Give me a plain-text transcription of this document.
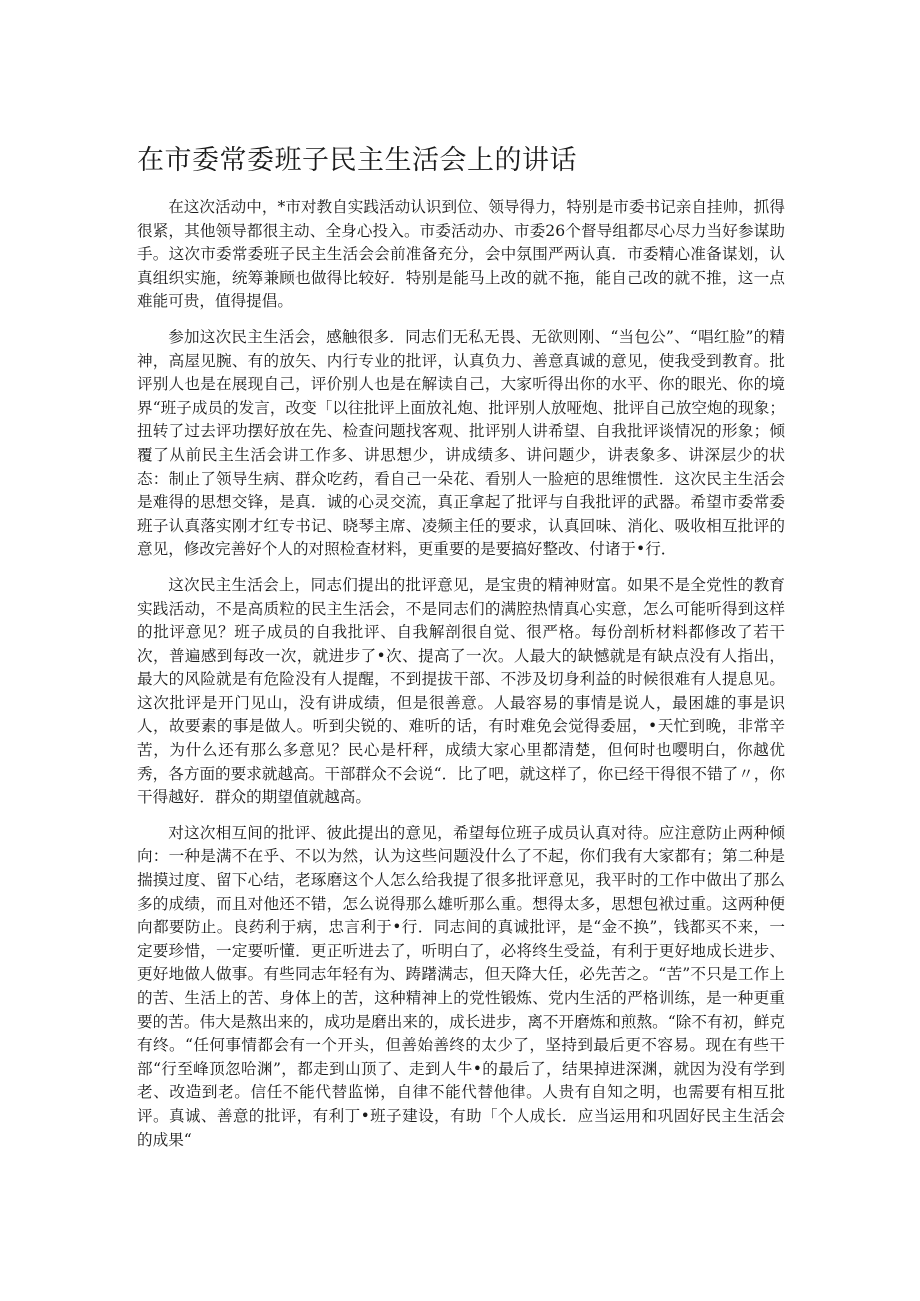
在市委常委班子民主生活会上的讲话

在这次活动中，*市对教自实践活动认识到位、领导得力，特别是市委书记亲自挂帅，抓得很紧，其他领导都很主动、全身心投入。市委活动办、市委26个督导组都尽心尽力当好参谋助手。这次市委常委班子民主生活会会前准备充分，会中氛围严两认真．市委精心准备谋划，认真组织实施，统筹兼顾也做得比较好．特别是能马上改的就不拖，能自己改的就不推，这一点难能可贵，值得提倡。

参加这次民主生活会，感触很多．同志们无私无畏、无欲则刚、“当包公”、“唱红脸”的精神，高屋见腕、有的放矢、内行专业的批评，认真负力、善意真诚的意见，使我受到教育。批评别人也是在展现自己，评价别人也是在解读自己，大家听得出你的水平、你的眼光、你的境界“班子成员的发言，改变「以往批评上面放礼炮、批评别人放哑炮、批评自己放空炮的现象；扭转了过去评功摆好放在先、检查问题找客观、批评别人讲希望、自我批评谈情况的形象；倾覆了从前民主生活会讲工作多、讲思想少，讲成绩多、讲问题少，讲表象多、讲深层少的状态：制止了领导生病、群众吃药，看自己一朵花、看别人一脸疤的思维惯性．这次民主生活会是难得的思想交锋，是真．诚的心灵交流，真正拿起了批评与自我批评的武器。希望市委常委班子认真落实刚才红专书记、晓琴主席、凌频主任的要求，认真回味、消化、吸收相互批评的意见，修改完善好个人的对照检查材料，更重要的是要搞好整改、付诸于•行．

这次民主生活会上，同志们提出的批评意见，是宝贵的精神财富。如果不是全党性的教育实践活动，不是高质粒的民主生活会，不是同志们的满腔热情真心实意，怎么可能听得到这样的批评意见？班子成员的自我批评、自我解剖很自觉、很严格。每份剖析材料都修改了若干次，普遍感到每改一次，就进步了•次、提高了一次。人最大的缺憾就是有缺点没有人指出，最大的风险就是有危险没有人提醒，不到提拔干部、不涉及切身利益的时候很难有人提息见。这次批评是开门见山，没有讲成绩，但是很善意。人最容易的事情是说人，最困雄的事是识人，故要素的事是做人。听到尖锐的、难听的话，有时难免会觉得委屈，•天忙到晚，非常辛苦，为什么还有那么多意见？民心是杆秤，成绩大家心里都清楚，但何时也嘤明白，你越优秀，各方面的要求就越高。干部群众不会说“．比了吧，就这样了，你已经干得很不错了〃，你干得越好．群众的期望值就越高。

对这次相互间的批评、彼此提出的意见，希望每位班子成员认真对待。应注意防止两种倾向：一种是满不在乎、不以为然，认为这些问题没什么了不起，你们我有大家都有；第二种是揣摸过度、留下心结，老琢磨这个人怎么给我提了很多批评意见，我平时的工作中做出了那么多的成绩，而且对他还不错，怎么说得那么雄听那么重。想得太多，思想包袱过重。这两种便向都要防止。良药利于病，忠言利于•行．同志间的真诚批评，是“金不换”，钱都买不来，一定要珍惜，一定要听懂．更正听进去了，听明白了，必将终生受益，有利于更好地成长进步、更好地做人做事。有些同志年轻有为、踌躇满志，但天降大任，必先苦之。“苦”不只是工作上的苦、生活上的苦、身体上的苦，这种精神上的党性锻炼、党内生活的严格训练，是一种更重要的苦。伟大是熬出来的，成功是磨出来的，成长进步，离不开磨炼和煎熬。“除不有初，鲜克有终。“任何事情都会有一个开头，但善始善终的太少了，坚持到最后更不容易。现在有些干部“行至峰顶忽哈渊”，都走到山顶了、走到人牛•的最后了，结果掉进深渊，就因为没有学到老、改造到老。信任不能代替监悌，自律不能代替他律。人贵有自知之明，也需要有相互批评。真诚、善意的批评，有利丁•班子建设，有助「个人成长．应当运用和巩固好民主生活会的成果“
